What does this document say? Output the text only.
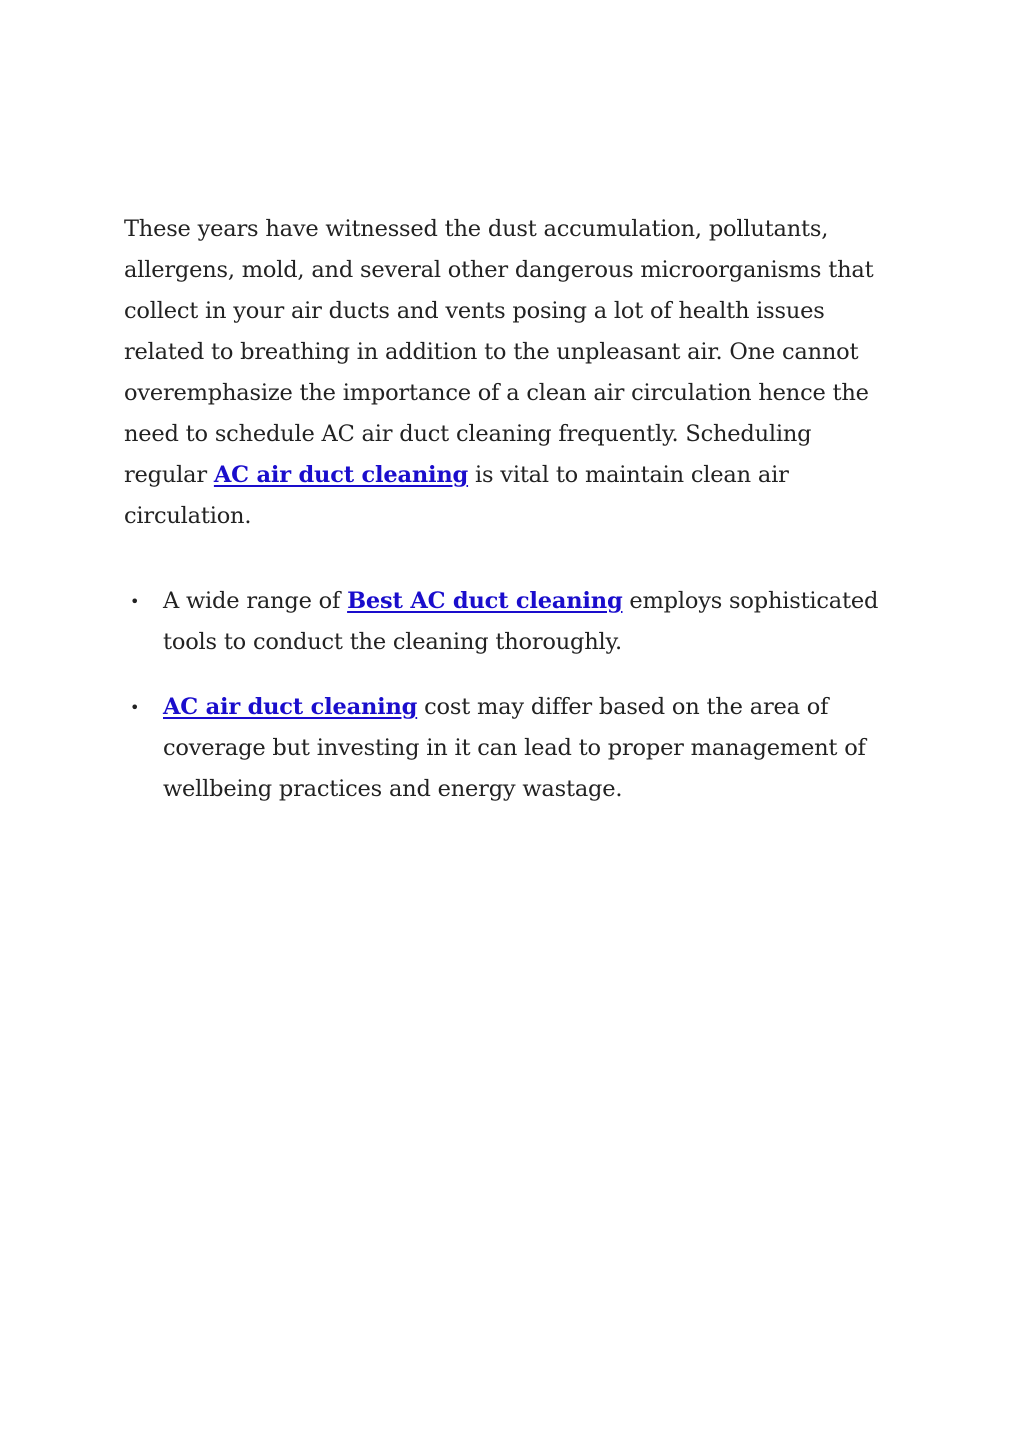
These years have witnessed the dust accumulation, pollutants, allergens, mold, and several other dangerous microorganisms that collect in your air ducts and vents posing a lot of health issues related to breathing in addition to the unpleasant air. One cannot overemphasize the importance of a clean air circulation hence the need to schedule AC air duct cleaning frequently. Scheduling regular AC air duct cleaning is vital to maintain clean air circulation.

• A wide range of Best AC duct cleaning employs sophisticated tools to conduct the cleaning thoroughly.
• AC air duct cleaning cost may differ based on the area of coverage but investing in it can lead to proper management of wellbeing practices and energy wastage.
